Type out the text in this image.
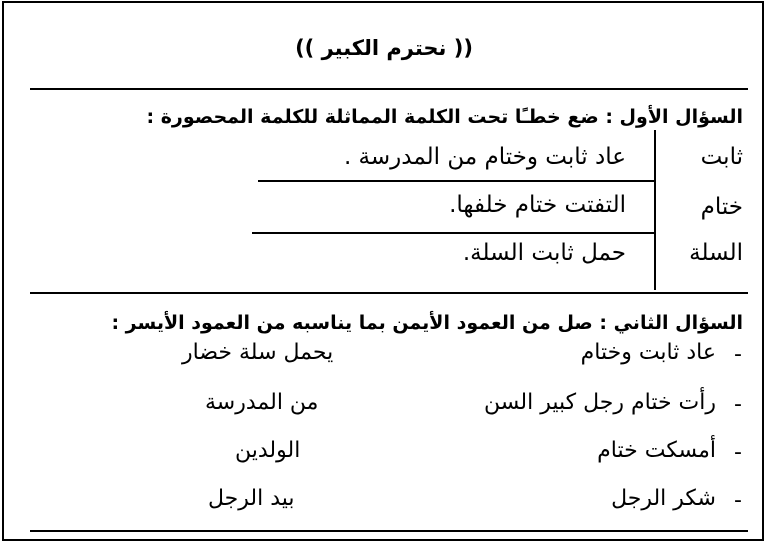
(( نحترم الكبير ))
السؤال الأول : ضع خطـًا تحت الكلمة المماثلة للكلمة المحصورة :
ثابت
عاد ثابت وختام من المدرسة .
ختام
التفتت ختام خلفها.
السلة
حمل ثابت السلة.
السؤال الثاني : صل من العمود الأيمن بما يناسبه من العمود الأيسر :
-
عاد ثابت وختام
يحمل سلة خضار
-
رأت ختام رجل كبير السن
من المدرسة
-
أمسكت ختام
الولدين
-
شكر الرجل
بيد الرجل
